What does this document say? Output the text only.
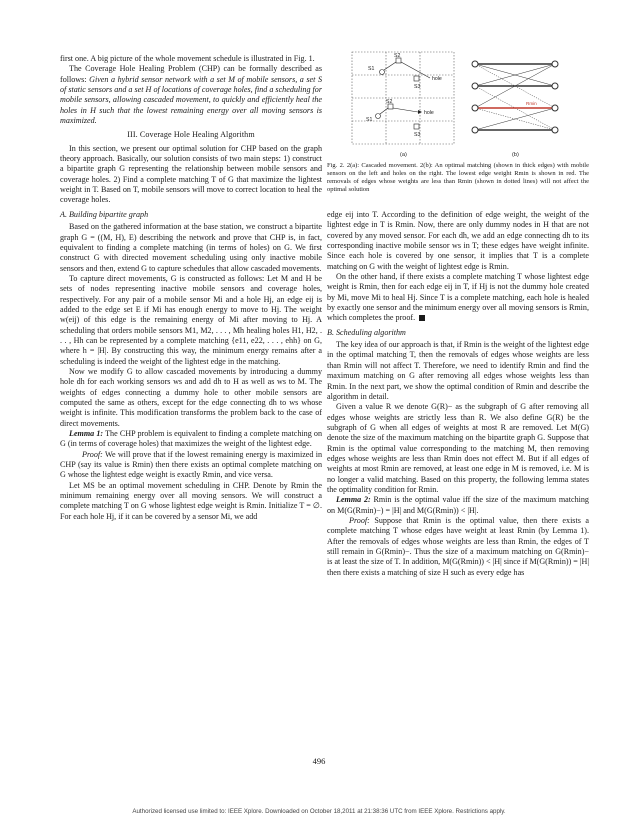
first one. A big picture of the whole movement schedule is illustrated in Fig. 1.

The Coverage Hole Healing Problem (CHP) can be formally described as follows: Given a hybrid sensor network with a set M of mobile sensors, a set S of static sensors and a set H of locations of coverage holes, find a scheduling for mobile sensors, allowing cascaded movement, to quickly and efficiently heal the holes in H such that the lowest remaining energy over all moving sensors is maximized.

III. Coverage Hole Healing Algorithm

In this section, we present our optimal solution for CHP based on the graph theory approach. Basically, our solution consists of two main steps: 1) construct a bipartite graph G representing the relationship between mobile sensors and coverage holes. 2) Find a complete matching T of G that maximize the lightest weight in T. Based on T, mobile sensors will move to correct location to heal the coverage holes.

A. Building bipartite graph

Based on the gathered information at the base station, we construct a bipartite graph G = ((M, H), E) describing the network and prove that CHP is, in fact, equivalent to finding a complete matching (in terms of holes) on G. We first construct G with directed movement scheduling using only inactive mobile sensors and then, extend G to capture schedules that allow cascaded movements.

To capture direct movements, G is constructed as follows: Let M and H be sets of nodes representing inactive mobile sensors and coverage holes, respectively. For any pair of a mobile sensor Mi and a hole Hj, an edge eij is added to the edge set E if Mi has enough energy to move to Hj. The weight w(eij) of this edge is the remaining energy of Mi after moving to Hj. A scheduling that orders mobile sensors M1, M2, . . . , Mh healing holes H1, H2, . . . , Hh can be represented by a complete matching {e11, e22, . . . , ehh} on G, where h = |H|. By constructing this way, the minimum energy remains after a scheduling is indeed the weight of the lightest edge in the matching.

Now we modify G to allow cascaded movements by introducing a dummy hole dh for each working sensors ws and add dh to H as well as ws to M. The weights of edges connecting a dummy hole to other mobile sensors are computed the same as others, except for the edge connecting dh to ws whose weight is infinite. This modification transforms the problem back to the case of direct movements.

Lemma 1: The CHP problem is equivalent to finding a complete matching on G (in terms of coverage holes) that maximizes the weight of the lightest edge.

Proof: We will prove that if the lowest remaining energy is maximized in CHP (say its value is Rmin) then there exists an optimal complete matching on G whose the lightest edge weight is exactly Rmin, and vice versa.

Let MS be an optimal movement scheduling in CHP. Denote by Rmin the minimum remaining energy over all moving sensors. We will construct a complete matching T on G whose lightest edge weight is Rmin. Initialize T = ∅. For each hole Hj, if it can be covered by a sensor Mi, we add

S2
S1
S3
hole
S2
S1
S3
hole
(a)	(b)
Rmin
Fig. 2. 2(a): Cascaded movement. 2(b): An optimal matching (shown in thick edges) with mobile sensors on the left and holes on the right. The lowest edge weight Rmin is shown in red. The removals of edges whose weights are less than Rmin (shown in dotted lines) will not affect the optimal solution

edge eij into T. According to the definition of edge weight, the weight of the lightest edge in T is Rmin. Now, there are only dummy nodes in H that are not covered by any moved sensor. For each dh, we add an edge connecting dh to its corresponding inactive mobile sensor ws in T; these edges have weight infinite. Since each hole is covered by one sensor, it implies that T is a complete matching on G with the weight of lightest edge is Rmin.

On the other hand, if there exists a complete matching T whose lightest edge weight is Rmin, then for each edge eij in T, if Hj is not the dummy hole created by Mi, move Mi to heal Hj. Since T is a complete matching, each hole is healed by exactly one sensor and the minimum energy over all moving sensors is Rmin, which completes the proof.

B. Scheduling algorithm

The key idea of our approach is that, if Rmin is the weight of the lightest edge in the optimal matching T, then the removals of edges whose weights are less than Rmin will not affect T. Therefore, we need to identify Rmin and find the maximum matching on G after removing all edges whose weights less than Rmin. In the next part, we show the optimal condition of Rmin and describe the algorithm in detail.

Given a value R we denote G(R)− as the subgraph of G after removing all edges whose weights are strictly less than R. We also define G(R) be the subgraph of G when all edges of weights at most R are removed. Let M(G) denote the size of the maximum matching on the bipartite graph G. Suppose that Rmin is the optimal value corresponding to the matching M, then removing edges whose weights are less than Rmin does not effect M. But if all edges of weights at most Rmin are removed, at least one edge in M is removed, i.e. M is no longer a valid matching. Based on this property, the following lemma states the optimality condition for Rmin.

Lemma 2: Rmin is the optimal value iff the size of the maximum matching on M(G(Rmin)−) = |H| and M(G(Rmin)) < |H|.

Proof: Suppose that Rmin is the optimal value, then there exists a complete matching T whose edges have weight at least Rmin (by Lemma 1). After the removals of edges whose weights are less than Rmin, the edges of T still remain in G(Rmin)−. Thus the size of a maximum matching on G(Rmin)− is at least the size of T. In addition, M(G(Rmin)) < |H| since if M(G(Rmin)) = |H| then there exists a matching of size H such as every edge has

496
Authorized licensed use limited to: IEEE Xplore. Downloaded on October 18,2011 at 21:38:36 UTC from IEEE Xplore. Restrictions apply.
